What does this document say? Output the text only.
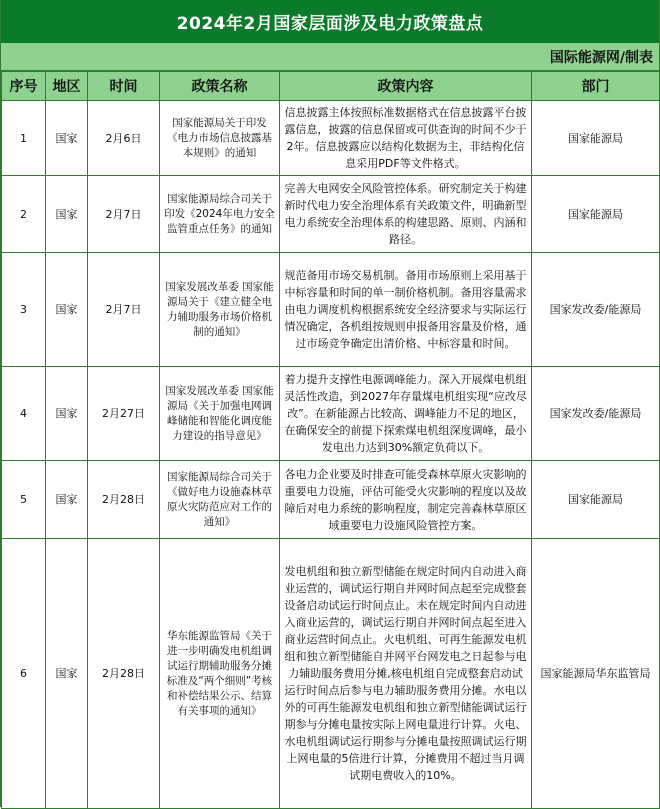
2024年2月国家层面涉及电力政策盘点
国际能源网/制表
序号	地区	时间	政策名称	政策内容	部门
1	国家	2月6日	国家能源局关于印发《电力市场信息披露基本规则》的通知	信息披露主体按照标准数据格式在信息披露平台披露信息，披露的信息保留或可供查询的时间不少于2年。信息披露应以结构化数据为主，非结构化信息采用PDF等文件格式。	国家能源局
2	国家	2月7日	国家能源局综合司关于印发《2024年电力安全监管重点任务》的通知	完善大电网安全风险管控体系。研究制定关于构建新时代电力安全治理体系有关政策文件，明确新型电力系统安全治理体系的构建思路、原则、内涵和路径。	国家能源局
3	国家	2月7日	国家发展改革委 国家能源局关于《建立健全电力辅助服务市场价格机制的通知》	规范备用市场交易机制。备用市场原则上采用基于中标容量和时间的单一制价格机制。备用容量需求由电力调度机构根据系统安全经济要求与实际运行情况确定，各机组按规则申报备用容量及价格，通过市场竞争确定出清价格、中标容量和时间。	国家发改委/能源局
4	国家	2月27日	国家发展改革委 国家能源局《关于加强电网调峰储能和智能化调度能力建设的指导意见》	着力提升支撑性电源调峰能力。深入开展煤电机组灵活性改造，到2027年存量煤电机组实现“应改尽改”。在新能源占比较高、调峰能力不足的地区，在确保安全的前提下探索煤电机组深度调峰，最小发电出力达到30%额定负荷以下。	国家发改委/能源局
5	国家	2月28日	国家能源局综合司关于《做好电力设施森林草原火灾防范应对工作的通知》	各电力企业要及时排查可能受森林草原火灾影响的重要电力设施，评估可能受火灾影响的程度以及故障后对电力系统的影响程度，制定完善森林草原区域重要电力设施风险管控方案。	国家能源局
6	国家	2月28日	华东能源监管局《关于进一步明确发电机组调试运行期辅助服务分摊标准及“两个细则”考核和补偿结果公示、结算有关事项的通知》	发电机组和独立新型储能在规定时间内自动进入商业运营的，调试运行期自并网时间点起至完成整套设备启动试运行时间点止。未在规定时间内自动进入商业运营的，调试运行期自并网时间点起至进入商业运营时间点止。火电机组、可再生能源发电机组和独立新型储能自并网平台网发电之日起参与电力辅助服务费用分摊,核电机组自完成整套启动试运行时间点后参与电力辅助服务费用分摊。水电以外的可再生能源发电机组和独立新型储能调试运行期参与分摊电量按实际上网电量进行计算。火电、水电机组调试运行期参与分摊电量按照调试运行期上网电量的5倍进行计算，分摊费用不超过当月调试期电费收入的10%。	国家能源局华东监管局
